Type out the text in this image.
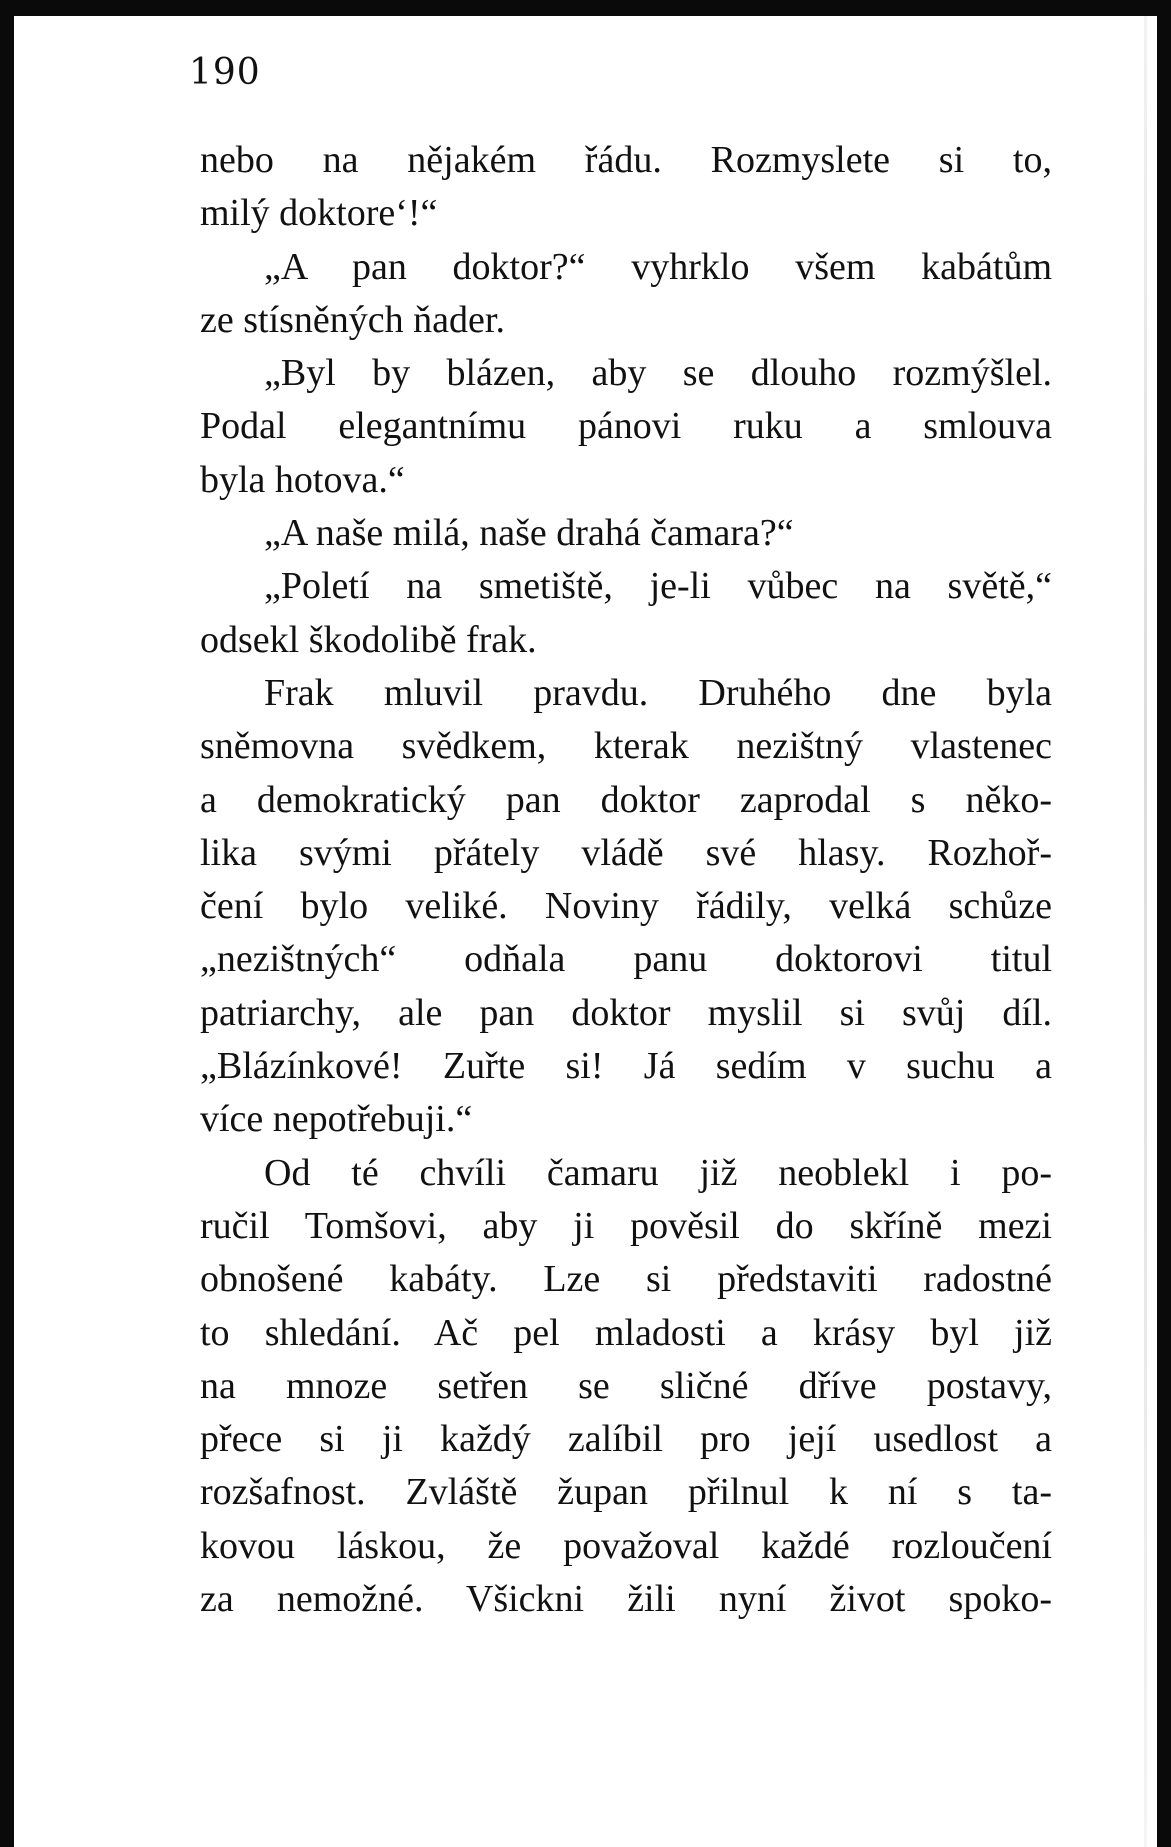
190
nebo na nějakém řádu. Rozmyslete si to,
milý doktore‘!“
„A pan doktor?“ vyhrklo všem kabátům
ze stísněných ňader.
„Byl by blázen, aby se dlouho rozmýšlel.
Podal elegantnímu pánovi ruku a smlouva
byla hotova.“
„A naše milá, naše drahá čamara?“
„Poletí na smetiště, je-li vůbec na světě,“
odsekl škodolibě frak.
Frak mluvil pravdu. Druhého dne byla
sněmovna svědkem, kterak nezištný vlastenec
a demokratický pan doktor zaprodal s něko-
lika svými přátely vládě své hlasy. Rozhoř-
čení bylo veliké. Noviny řádily, velká schůze
„nezištných“ odňala panu doktorovi titul
patriarchy, ale pan doktor myslil si svůj díl.
„Blázínkové! Zuřte si! Já sedím v suchu a
více nepotřebuji.“
Od té chvíli čamaru již neoblekl i po-
ručil Tomšovi, aby ji pověsil do skříně mezi
obnošené kabáty. Lze si představiti radostné
to shledání. Ač pel mladosti a krásy byl již
na mnoze setřen se sličné dříve postavy,
přece si ji každý zalíbil pro její usedlost a
rozšafnost. Zvláště župan přilnul k ní s ta-
kovou láskou, že považoval každé rozloučení
za nemožné. Všickni žili nyní život spoko-
